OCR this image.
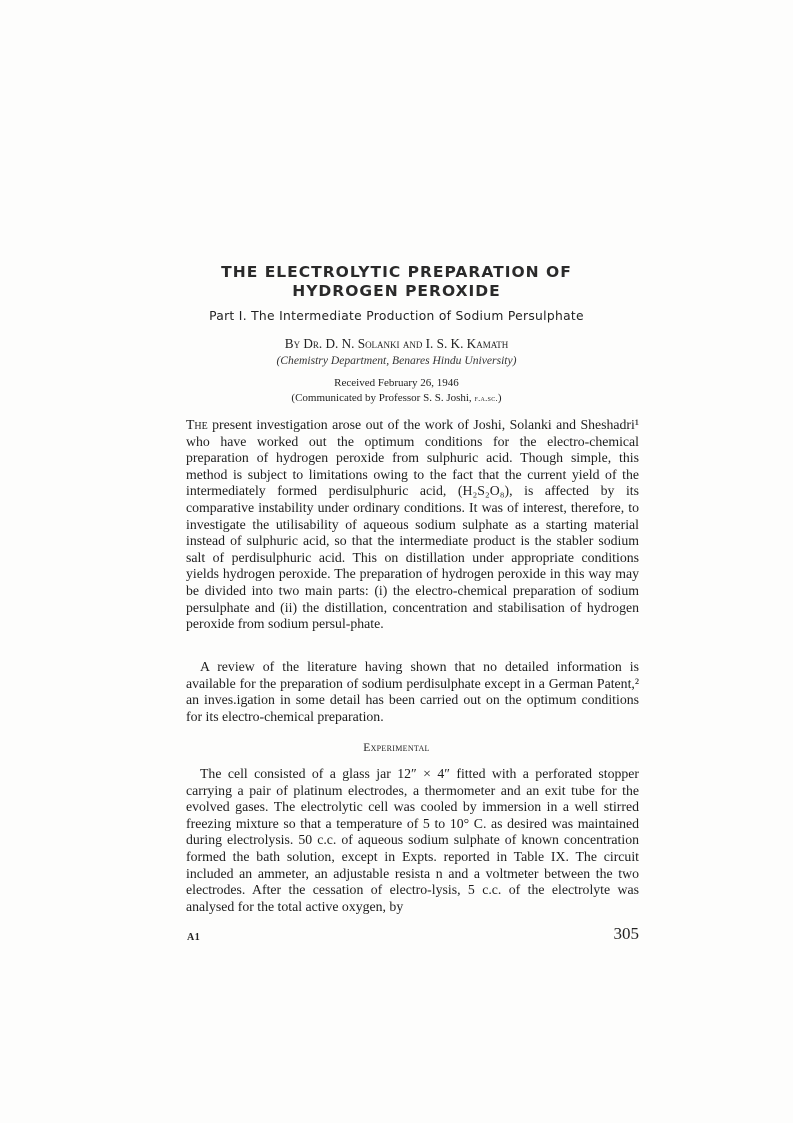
THE ELECTROLYTIC PREPARATION OF
HYDROGEN PEROXIDE
Part I. The Intermediate Production of Sodium Persulphate
By Dr. D. N. Solanki and I. S. K. Kamath
(Chemistry Department, Benares Hindu University)
Received February 26, 1946
(Communicated by Professor S. S. Joshi, f.a.sc.)
The present investigation arose out of the work of Joshi, Solanki and Sheshadri¹ who have worked out the optimum conditions for the electro-chemical preparation of hydrogen peroxide from sulphuric acid. Though simple, this method is subject to limitations owing to the fact that the current yield of the intermediately formed perdisulphuric acid, (H₂S₂O₈), is affected by its comparative instability under ordinary conditions. It was of interest, therefore, to investigate the utilisability of aqueous sodium sulphate as a starting material instead of sulphuric acid, so that the intermediate product is the stabler sodium salt of perdisulphuric acid. This on distillation under appropriate conditions yields hydrogen peroxide. The preparation of hydrogen peroxide in this way may be divided into two main parts: (i) the electro-chemical preparation of sodium persulphate and (ii) the distillation, concentration and stabilisation of hydrogen peroxide from sodium persul-phate.
A review of the literature having shown that no detailed information is available for the preparation of sodium perdisulphate except in a German Patent,² an inves.igation in some detail has been carried out on the optimum conditions for its electro-chemical preparation.
Experimental
The cell consisted of a glass jar 12″ × 4″ fitted with a perforated stopper carrying a pair of platinum electrodes, a thermometer and an exit tube for the evolved gases. The electrolytic cell was cooled by immersion in a well stirred freezing mixture so that a temperature of 5 to 10° C. as desired was maintained during electrolysis. 50 c.c. of aqueous sodium sulphate of known concentration formed the bath solution, except in Expts. reported in Table IX. The circuit included an ammeter, an adjustable resista n and a voltmeter between the two electrodes. After the cessation of electro-lysis, 5 c.c. of the electrolyte was analysed for the total active oxygen, by
A1	305
